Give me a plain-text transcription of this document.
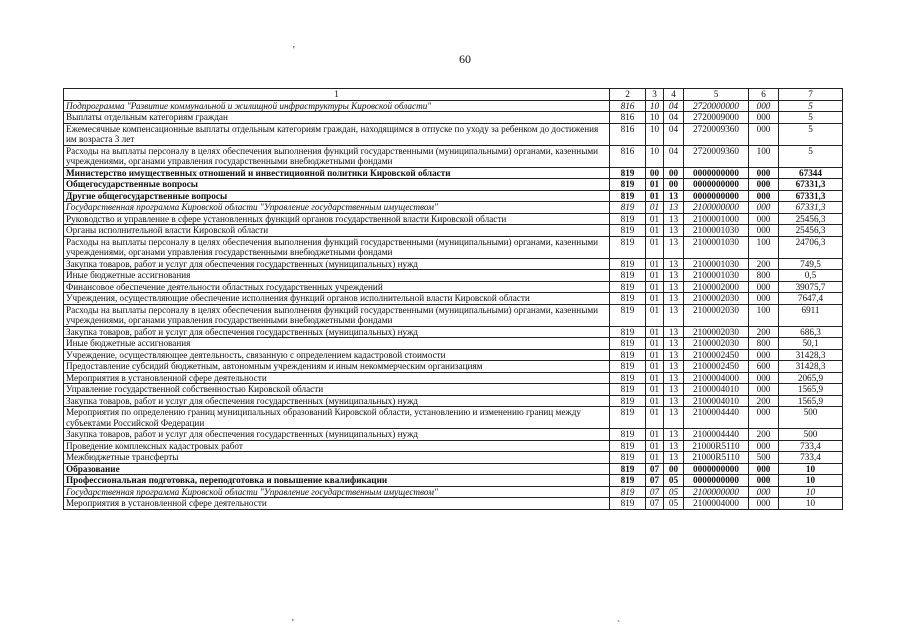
60
'
'	`
1	2	3	4	5	6	7
Подпрограмма "Развитие коммунальной и жилищной инфраструктуры Кировской области"	816	10	04	2720000000	000	5
Выплаты отдельным категориям граждан	816	10	04	2720009000	000	5
Ежемесячные компенсационные выплаты отдельным категориям граждан, находящимся в отпуске по уходу за ребенком до достижения им возраста 3 лет	816	10	04	2720009360	000	5
Расходы на выплаты персоналу в целях обеспечения выполнения функций государственными (муниципальными) органами, казенными учреждениями, органами управления государственными внебюджетными фондами	816	10	04	2720009360	100	5
Министерство имущественных отношений и инвестиционной политики Кировской области	819	00	00	0000000000	000	67344
Общегосударственные вопросы	819	01	00	0000000000	000	67331,3
Другие общегосударственные вопросы	819	01	13	0000000000	000	67331,3
Государственная программа Кировской области "Управление государственным имуществом"	819	01	13	2100000000	000	67331,3
Руководство и управление в сфере установленных функций органов государственной власти Кировской области	819	01	13	2100001000	000	25456,3
Органы исполнительной власти Кировской области	819	01	13	2100001030	000	25456,3
Расходы на выплаты персоналу в целях обеспечения выполнения функций государственными (муниципальными) органами, казенными учреждениями, органами управления государственными внебюджетными фондами	819	01	13	2100001030	100	24706,3
Закупка товаров, работ и услуг для обеспечения государственных (муниципальных) нужд	819	01	13	2100001030	200	749,5
Иные бюджетные ассигнования	819	01	13	2100001030	800	0,5
Финансовое обеспечение деятельности областных государственных учреждений	819	01	13	2100002000	000	39075,7
Учреждения, осуществляющие обеспечение исполнения функций органов исполнительной власти Кировской области	819	01	13	2100002030	000	7647,4
Расходы на выплаты персоналу в целях обеспечения выполнения функций государственными (муниципальными) органами, казенными учреждениями, органами управления государственными внебюджетными фондами	819	01	13	2100002030	100	6911
Закупка товаров, работ и услуг для обеспечения государственных (муниципальных) нужд	819	01	13	2100002030	200	686,3
Иные бюджетные ассигнования	819	01	13	2100002030	800	50,1
Учреждение, осуществляющее деятельность, связанную с определением кадастровой стоимости	819	01	13	2100002450	000	31428,3
Предоставление субсидий бюджетным, автономным учреждениям и иным некоммерческим организациям	819	01	13	2100002450	600	31428,3
Мероприятия в установленной сфере деятельности	819	01	13	2100004000	000	2065,9
Управление государственной собственностью Кировской области	819	01	13	2100004010	000	1565,9
Закупка товаров, работ и услуг для обеспечения государственных (муниципальных) нужд	819	01	13	2100004010	200	1565,9
Мероприятия по определению границ муниципальных образований Кировской области, установлению и изменению границ между субъектами Российской Федерации	819	01	13	2100004440	000	500
Закупка товаров, работ и услуг для обеспечения государственных (муниципальных) нужд	819	01	13	2100004440	200	500
Проведение комплексных кадастровых работ	819	01	13	21000R5110	000	733,4
Межбюджетные трансферты	819	01	13	21000R5110	500	733,4
Образование	819	07	00	0000000000	000	10
Профессиональная подготовка, переподготовка и повышение квалификации	819	07	05	0000000000	000	10
Государственная программа Кировской области "Управление государственным имуществом"	819	07	05	2100000000	000	10
Мероприятия в установленной сфере деятельности	819	07	05	2100004000	000	10
